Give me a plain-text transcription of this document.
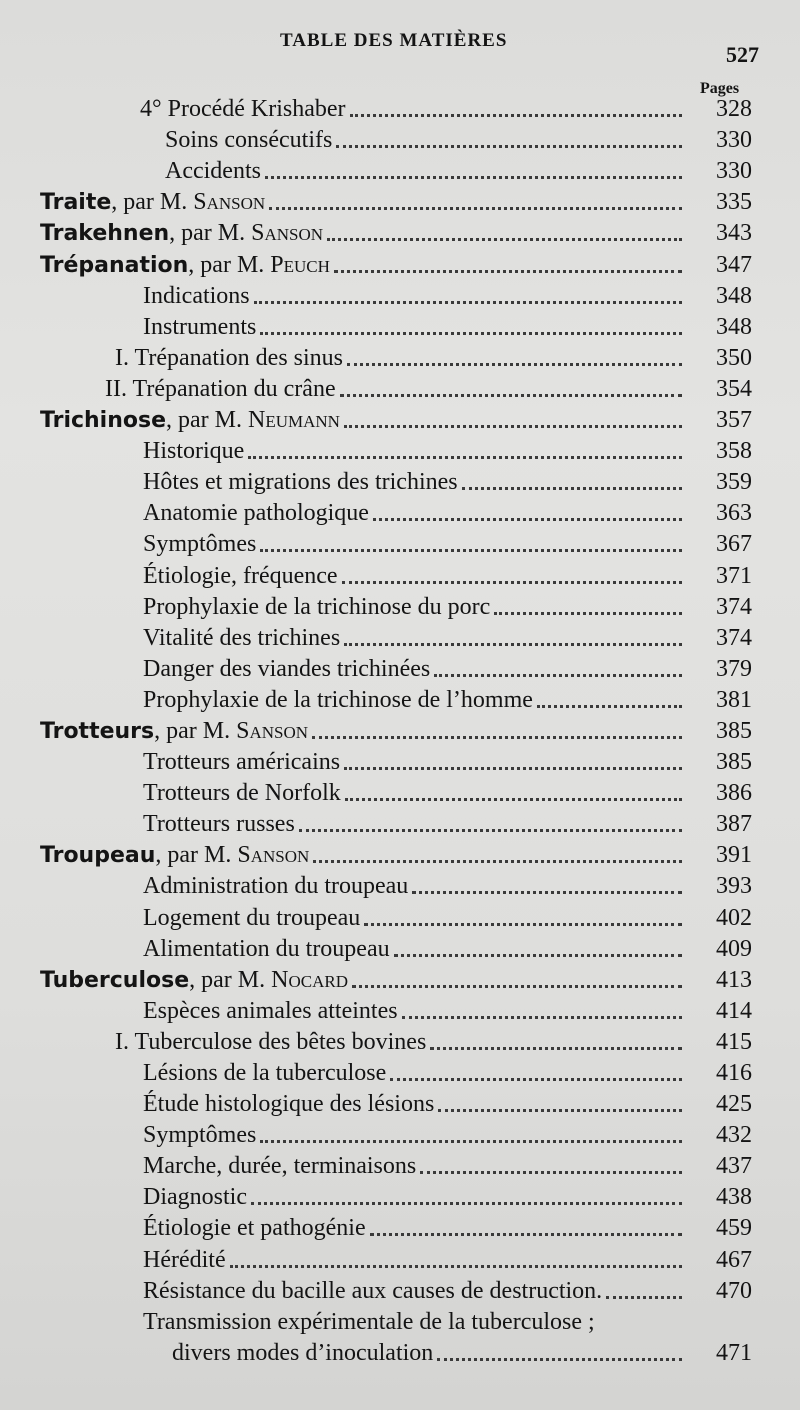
TABLE DES MATIÈRES
527
Pages
4° Procédé Krishaber	328
Soins consécutifs	330
Accidents	330
Traite, par M. Sanson	335
Trakehnen, par M. Sanson	343
Trépanation, par M. Peuch	347
Indications	348
Instruments	348
I. Trépanation des sinus	350
II. Trépanation du crâne	354
Trichinose, par M. Neumann	357
Historique	358
Hôtes et migrations des trichines	359
Anatomie pathologique	363
Symptômes	367
Étiologie, fréquence	371
Prophylaxie de la trichinose du porc	374
Vitalité des trichines	374
Danger des viandes trichinées	379
Prophylaxie de la trichinose de l’homme	381
Trotteurs, par M. Sanson	385
Trotteurs américains	385
Trotteurs de Norfolk	386
Trotteurs russes	387
Troupeau, par M. Sanson	391
Administration du troupeau	393
Logement du troupeau	402
Alimentation du troupeau	409
Tuberculose, par M. Nocard	413
Espèces animales atteintes	414
I. Tuberculose des bêtes bovines	415
Lésions de la tuberculose	416
Étude histologique des lésions	425
Symptômes	432
Marche, durée, terminaisons	437
Diagnostic	438
Étiologie et pathogénie	459
Hérédité	467
Résistance du bacille aux causes de destruction.	470
Transmission expérimentale de la tuberculose ;
divers modes d’inoculation	471
